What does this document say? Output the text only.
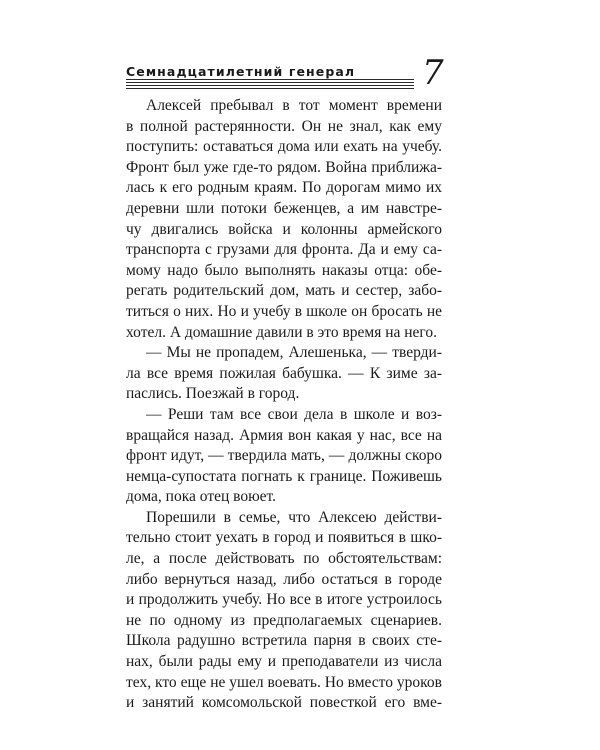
Семнадцатилетний генерал 7
Алексей пребывал в тот момент времени
в полной растерянности. Он не знал, как ему
поступить: оставаться дома или ехать на учебу.
Фронт был уже где-то рядом. Война приближа-
лась к его родным краям. По дорогам мимо их
деревни шли потоки беженцев, а им навстре-
чу двигались войска и колонны армейского
транспорта с грузами для фронта. Да и ему са-
мому надо было выполнять наказы отца: обе-
регать родительский дом, мать и сестер, забо-
титься о них. Но и учебу в школе он бросать не
хотел. А домашние давили в это время на него.
— Мы не пропадем, Алешенька, — тверди-
ла все время пожилая бабушка. — К зиме за-
паслись. Поезжай в город.
— Реши там все свои дела в школе и воз-
вращайся назад. Армия вон какая у нас, все на
фронт идут, — твердила мать, — должны скоро
немца-супостата погнать к границе. Поживешь
дома, пока отец воюет.
Порешили в семье, что Алексею действи-
тельно стоит уехать в город и появиться в шко-
ле, а после действовать по обстоятельствам:
либо вернуться назад, либо остаться в городе
и продолжить учебу. Но все в итоге устроилось
не по одному из предполагаемых сценариев.
Школа радушно встретила парня в своих сте-
нах, были рады ему и преподаватели из числа
тех, кто еще не ушел воевать. Но вместо уроков
и занятий комсомольской повесткой его вме-
